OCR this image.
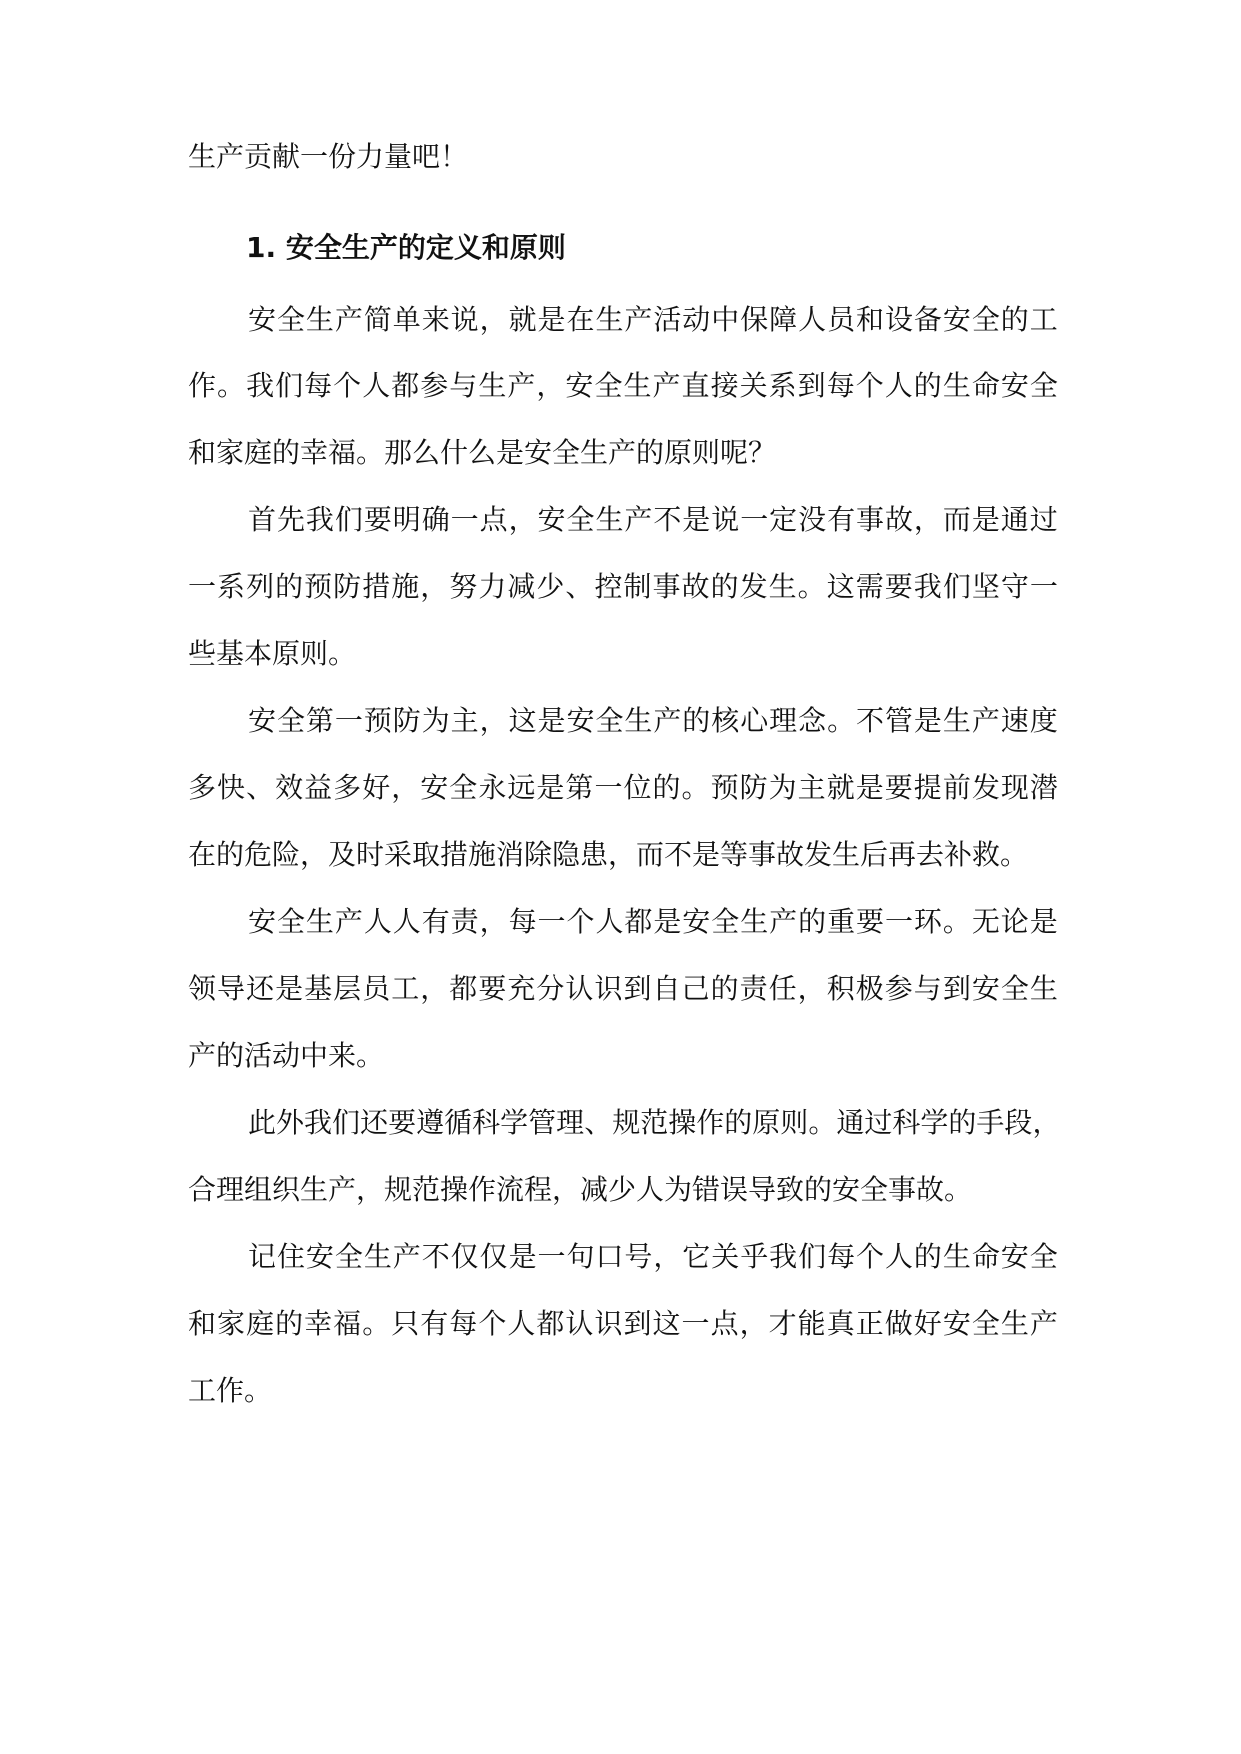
生产贡献一份力量吧！
1. 安全生产的定义和原则
安 全 生 产 简 单 来 说 ， 就 是 在 生 产 活 动 中 保 障 人 员 和 设 备 安 全 的 工
作 。 我 们 每 个 人 都 参 与 生 产 ， 安 全 生 产 直 接 关 系 到 每 个 人 的 生 命 安 全
和家庭的幸福。那么什么是安全生产的原则呢？
首 先 我 们 要 明 确 一 点 ， 安 全 生 产 不 是 说 一 定 没 有 事 故 ， 而 是 通 过
一 系 列 的 预 防 措 施 ， 努 力 减 少 、 控 制 事 故 的 发 生 。 这 需 要 我 们 坚 守 一
些基本原则。
安 全 第 一 预 防 为 主 ， 这 是 安 全 生 产 的 核 心 理 念 。 不 管 是 生 产 速 度
多 快 、 效 益 多 好 ， 安 全 永 远 是 第 一 位 的 。 预 防 为 主 就 是 要 提 前 发 现 潜
在的危险，及时采取措施消除隐患，而不是等事故发生后再去补救。
安 全 生 产 人 人 有 责 ， 每 一 个 人 都 是 安 全 生 产 的 重 要 一 环 。 无 论 是
领 导 还 是 基 层 员 工 ， 都 要 充 分 认 识 到 自 己 的 责 任 ， 积 极 参 与 到 安 全 生
产的活动中来。
此 外 我 们 还 要 遵 循 科 学 管 理 、 规 范 操 作 的 原 则 。 通 过 科 学 的 手 段 ，
合理组织生产，规范操作流程，减少人为错误导致的安全事故。
记 住 安 全 生 产 不 仅 仅 是 一 句 口 号 ， 它 关 乎 我 们 每 个 人 的 生 命 安 全
和 家 庭 的 幸 福 。 只 有 每 个 人 都 认 识 到 这 一 点 ， 才 能 真 正 做 好 安 全 生 产
工作。
